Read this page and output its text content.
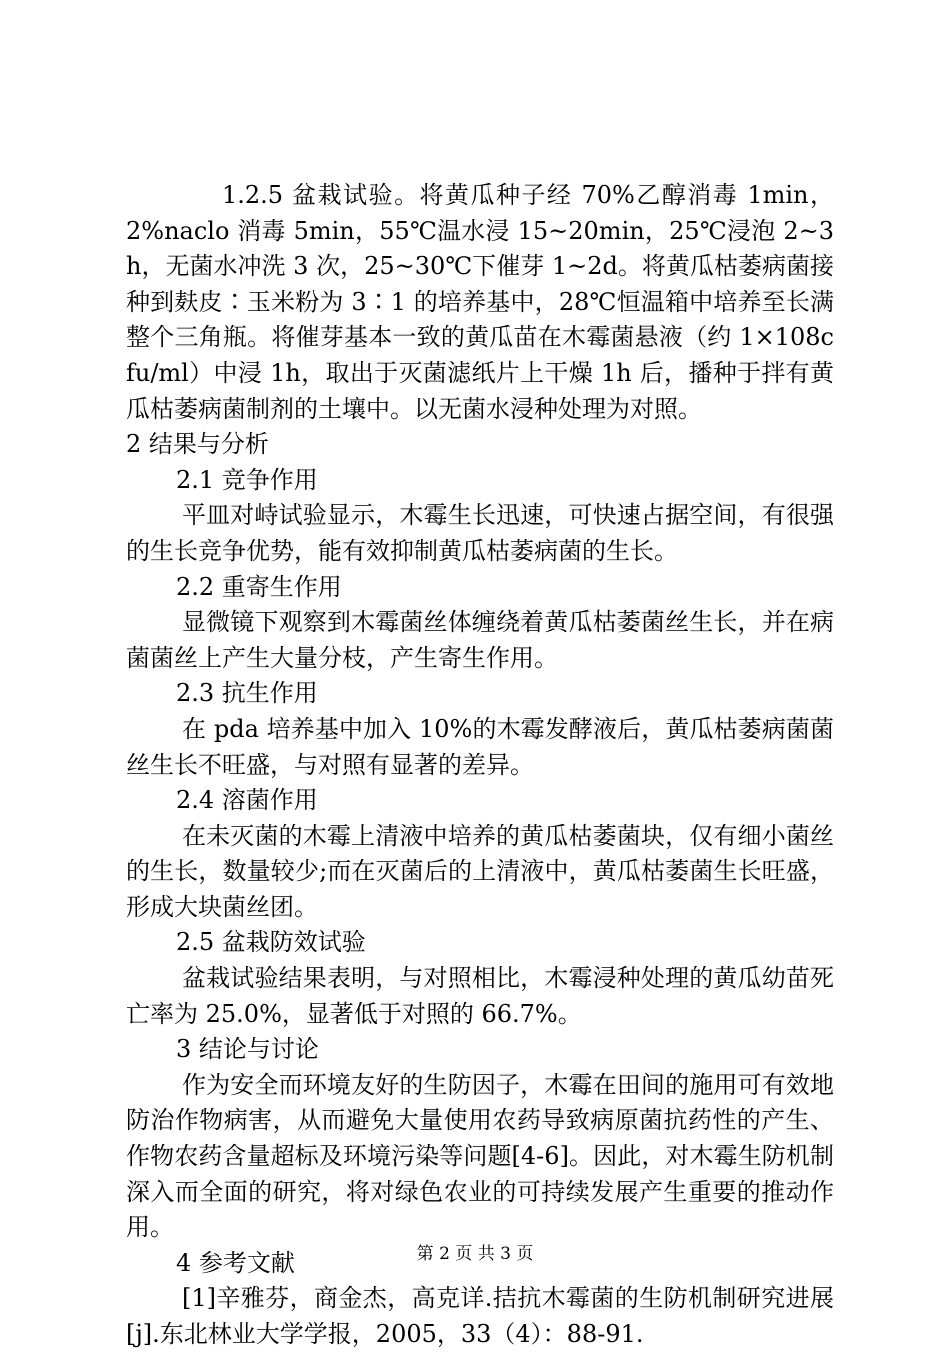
1.2.5 盆栽试验。将黄瓜种子经 70%乙醇消毒 1min，2%naclo 消毒 5min，55℃温水浸 15~20min，25℃浸泡 2~3h，无菌水冲洗 3 次，25~30℃下催芽 1~2d。将黄瓜枯萎病菌接种到麸皮∶玉米粉为 3∶1 的培养基中，28℃恒温箱中培养至长满整个三角瓶。将催芽基本一致的黄瓜苗在木霉菌悬液（约 1×108cfu/ml）中浸 1h，取出于灭菌滤纸片上干燥 1h 后，播种于拌有黄瓜枯萎病菌制剂的土壤中。以无菌水浸种处理为对照。

2 结果与分析

2.1 竞争作用

平皿对峙试验显示，木霉生长迅速，可快速占据空间，有很强的生长竞争优势，能有效抑制黄瓜枯萎病菌的生长。

2.2 重寄生作用

显微镜下观察到木霉菌丝体缠绕着黄瓜枯萎菌丝生长，并在病菌菌丝上产生大量分枝，产生寄生作用。

2.3 抗生作用

在 pda 培养基中加入 10%的木霉发酵液后，黄瓜枯萎病菌菌丝生长不旺盛，与对照有显著的差异。

2.4 溶菌作用

在未灭菌的木霉上清液中培养的黄瓜枯萎菌块，仅有细小菌丝的生长，数量较少;而在灭菌后的上清液中，黄瓜枯萎菌生长旺盛，形成大块菌丝团。

2.5 盆栽防效试验

盆栽试验结果表明，与对照相比，木霉浸种处理的黄瓜幼苗死亡率为 25.0%，显著低于对照的 66.7%。

3 结论与讨论

作为安全而环境友好的生防因子，木霉在田间的施用可有效地防治作物病害，从而避免大量使用农药导致病原菌抗药性的产生、作物农药含量超标及环境污染等问题[4-6]。因此，对木霉生防机制深入而全面的研究，将对绿色农业的可持续发展产生重要的推动作用。

4 参考文献

[1]辛雅芬，商金杰，高克详.拮抗木霉菌的生防机制研究进展[j].东北林业大学学报，2005，33（4）：88-91.

第 2 页 共 3 页
